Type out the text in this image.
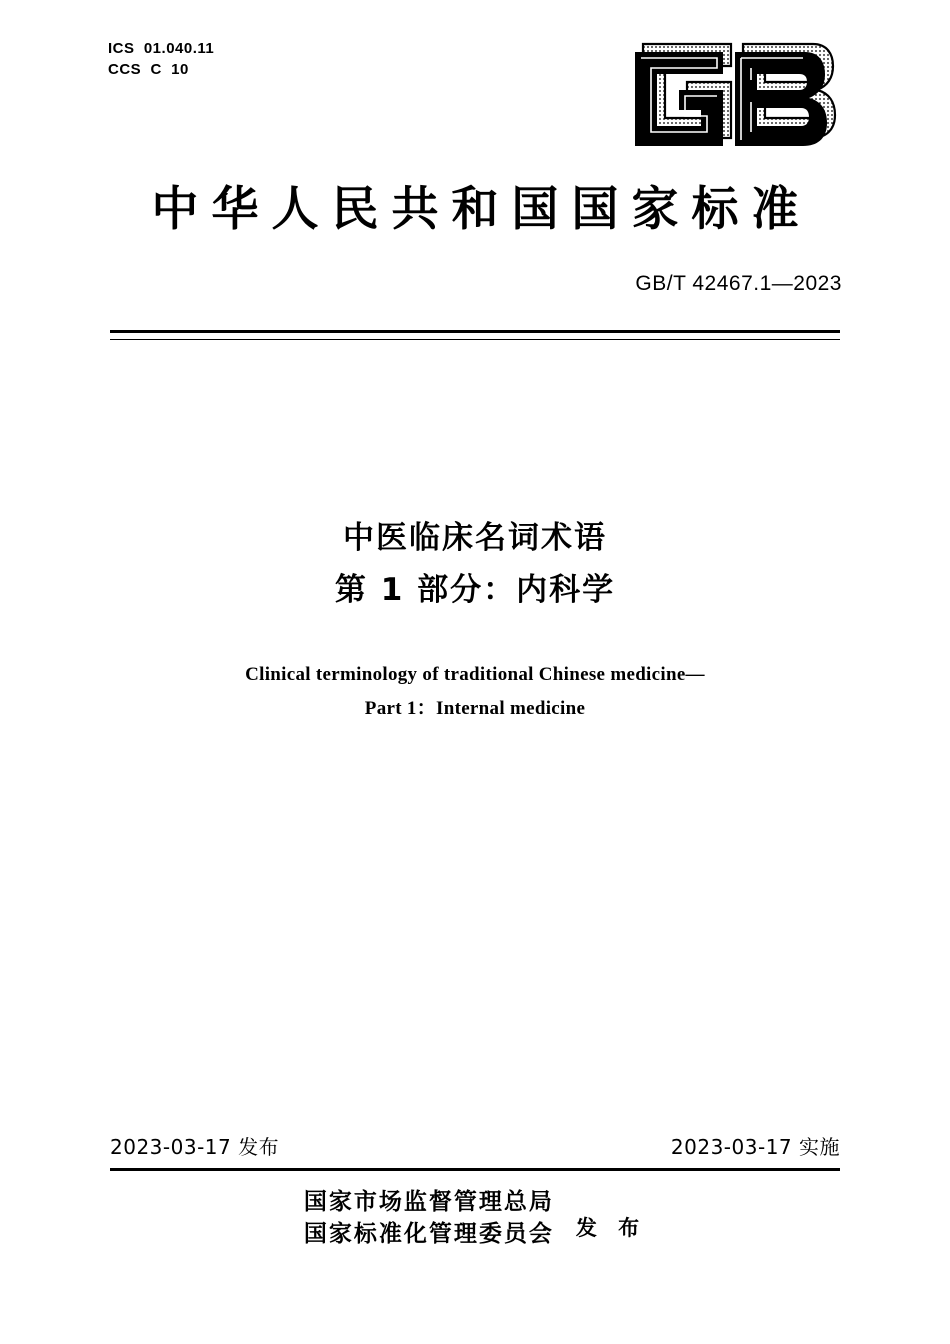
ICS  01.040.11
CCS  C  10
中华人民共和国国家标准
GB/T 42467.1—2023
中医临床名词术语
第 1 部分：内科学
Clinical terminology of traditional Chinese medicine—
Part 1：Internal medicine
2023-03-17 发布	2023-03-17 实施
国家市场监督管理总局
国家标准化管理委员会 发 布
